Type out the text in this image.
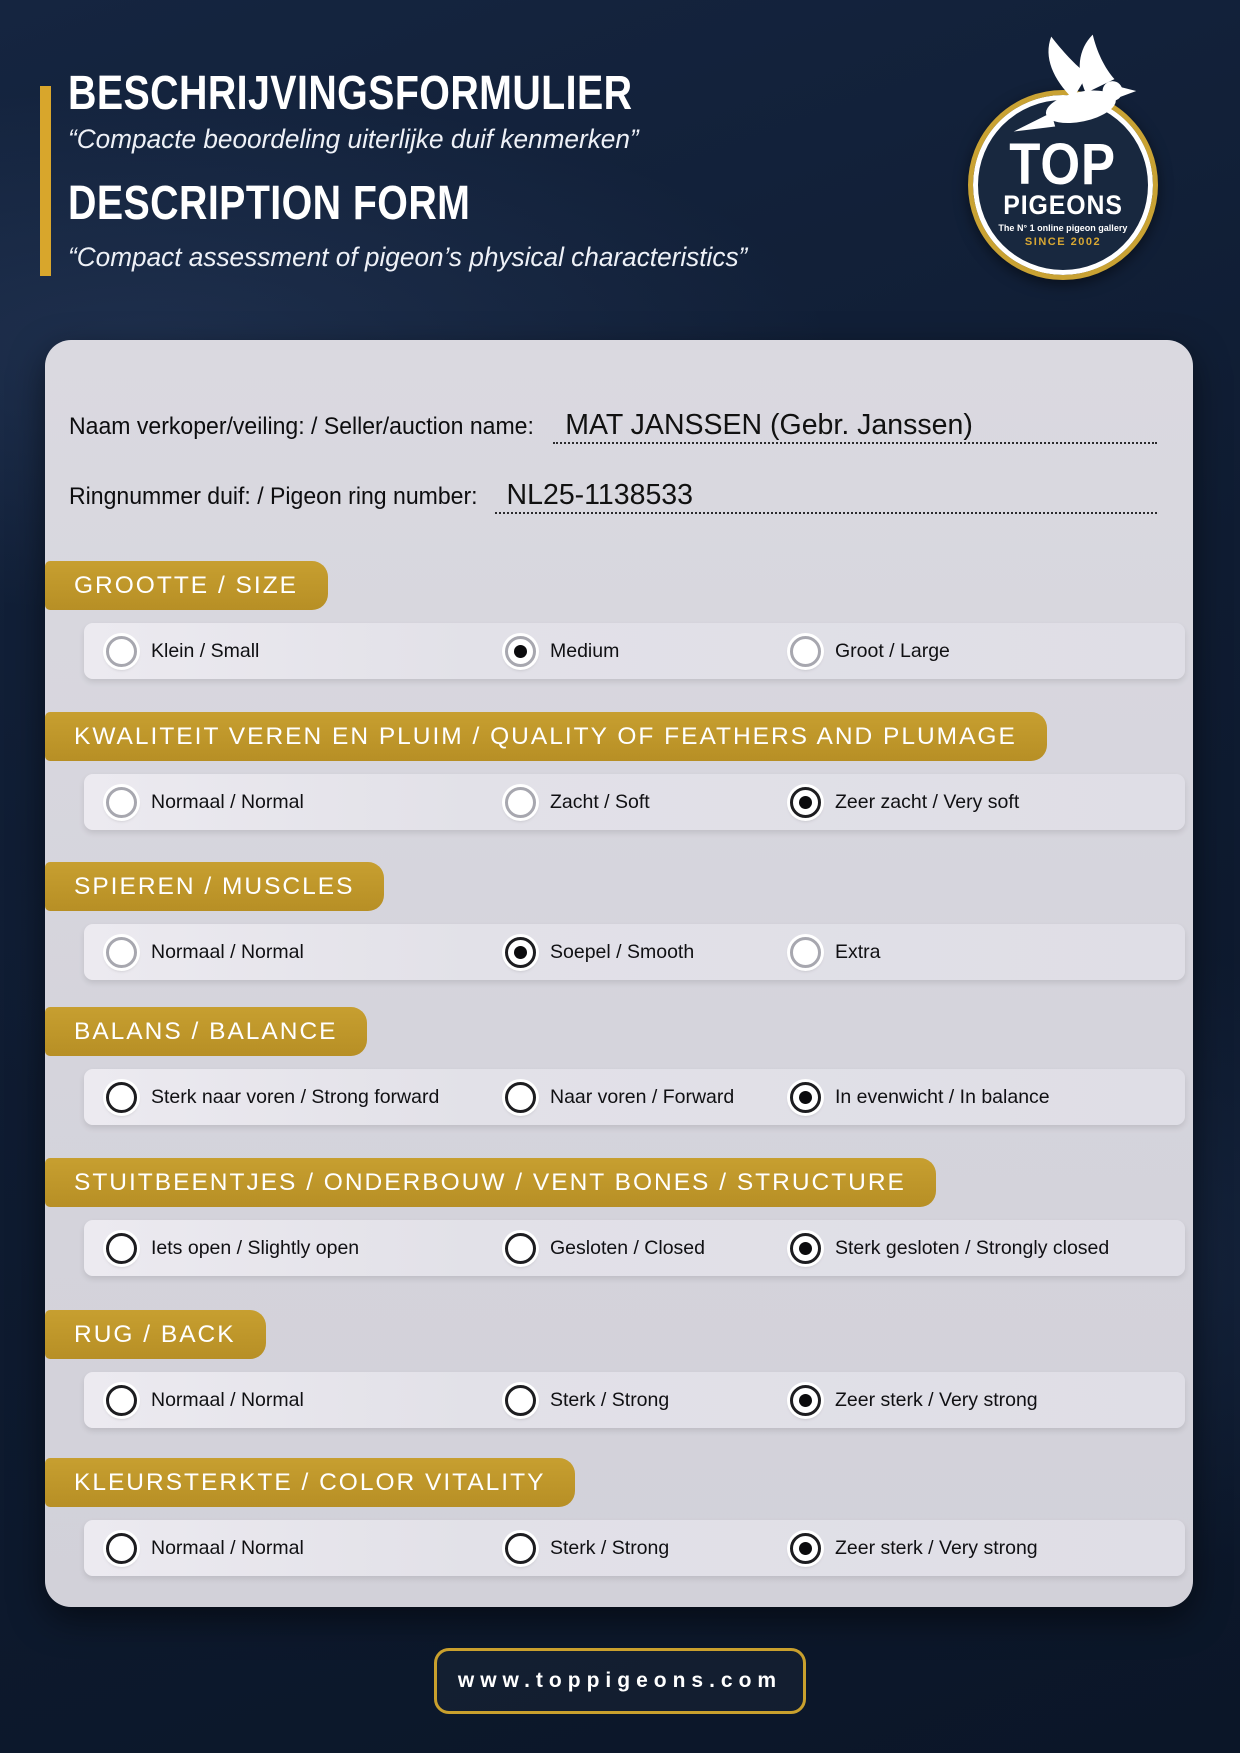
BESCHRIJVINGSFORMULIER
“Compacte beoordeling uiterlijke duif kenmerken”
DESCRIPTION FORM
“Compact assessment of pigeon’s physical characteristics”
TOP
PIGEONS
The N° 1 online pigeon gallery
SINCE 2002
Naam verkoper/veiling: / Seller/auction name:	MAT JANSSEN (Gebr. Janssen)
Ringnummer duif: / Pigeon ring number:	NL25-1138533
GROOTTE / SIZE
Klein / Small	Medium	Groot / Large
KWALITEIT VEREN EN PLUIM / QUALITY OF FEATHERS AND PLUMAGE
Normaal / Normal	Zacht / Soft	Zeer zacht / Very soft
SPIEREN / MUSCLES
Normaal / Normal	Soepel / Smooth	Extra
BALANS / BALANCE
Sterk naar voren / Strong forward	Naar voren / Forward	In evenwicht / In balance
STUITBEENTJES / ONDERBOUW / VENT BONES / STRUCTURE
Iets open / Slightly open	Gesloten / Closed	Sterk gesloten / Strongly closed
RUG / BACK
Normaal / Normal	Sterk / Strong	Zeer sterk / Very strong
KLEURSTERKTE / COLOR VITALITY
Normaal / Normal	Sterk / Strong	Zeer sterk / Very strong
www.toppigeons.com
